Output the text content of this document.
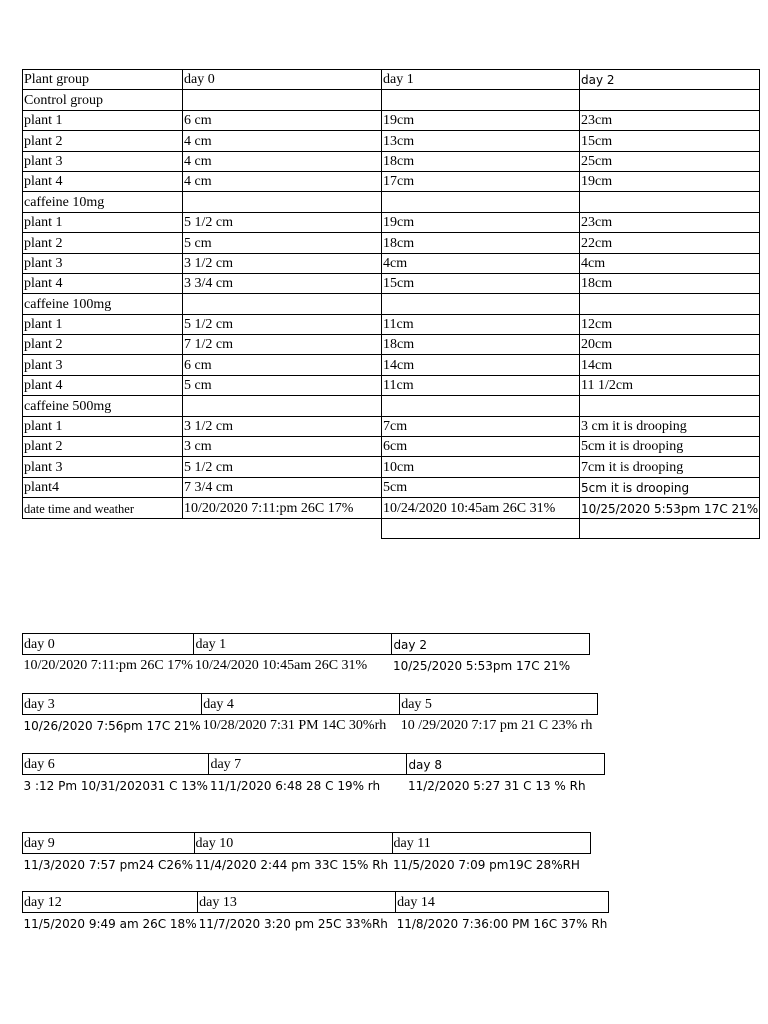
Plant group	day 0	day 1	day 2
Control group			
plant 1	6 cm	19cm	23cm
plant 2	4 cm	13cm	15cm
plant 3	4 cm	18cm	25cm
plant 4	4 cm	17cm	19cm
caffeine 10mg			
plant 1	5 1/2 cm	19cm	23cm
plant 2	5 cm	18cm	22cm
plant 3	3 1/2 cm	4cm	4cm
plant 4	3 3/4 cm	15cm	18cm
caffeine 100mg			
plant 1	5 1/2 cm	11cm	12cm
plant 2	7 1/2 cm	18cm	20cm
plant 3	6 cm	14cm	14cm
plant 4	5 cm	11cm	11 1/2cm
caffeine 500mg			
plant 1	3 1/2 cm	7cm	3 cm it is drooping
plant 2	3 cm	6cm	5cm it is drooping
plant 3	5 1/2 cm	10cm	7cm it is drooping
plant4	7 3/4 cm	5cm	5cm it is drooping
date time and weather	10/20/2020 7:11:pm 26C 17%	10/24/2020 10:45am 26C 31%	10/25/2020 5:53pm 17C 21%

day 0	day 1	day 2
10/20/2020 7:11:pm 26C 17%	10/24/2020 10:45am 26C 31%	10/25/2020 5:53pm 17C 21%
day 3	day 4	day 5
10/26/2020 7:56pm 17C 21%	10/28/2020 7:31 PM 14C 30%rh	10 /29/2020 7:17 pm 21 C 23% rh
day 6	day 7	day 8
3 :12 Pm 10/31/202031 C 13%	11/1/2020 6:48 28 C 19% rh	11/2/2020 5:27 31 C 13 % Rh
day 9	day 10	day 11
11/3/2020 7:57 pm24 C26%	11/4/2020 2:44 pm 33C 15% Rh	11/5/2020 7:09 pm19C 28%RH
day 12	day 13	day 14
11/5/2020 9:49 am 26C 18%	11/7/2020 3:20 pm 25C 33%Rh	11/8/2020 7:36:00 PM 16C 37% Rh
